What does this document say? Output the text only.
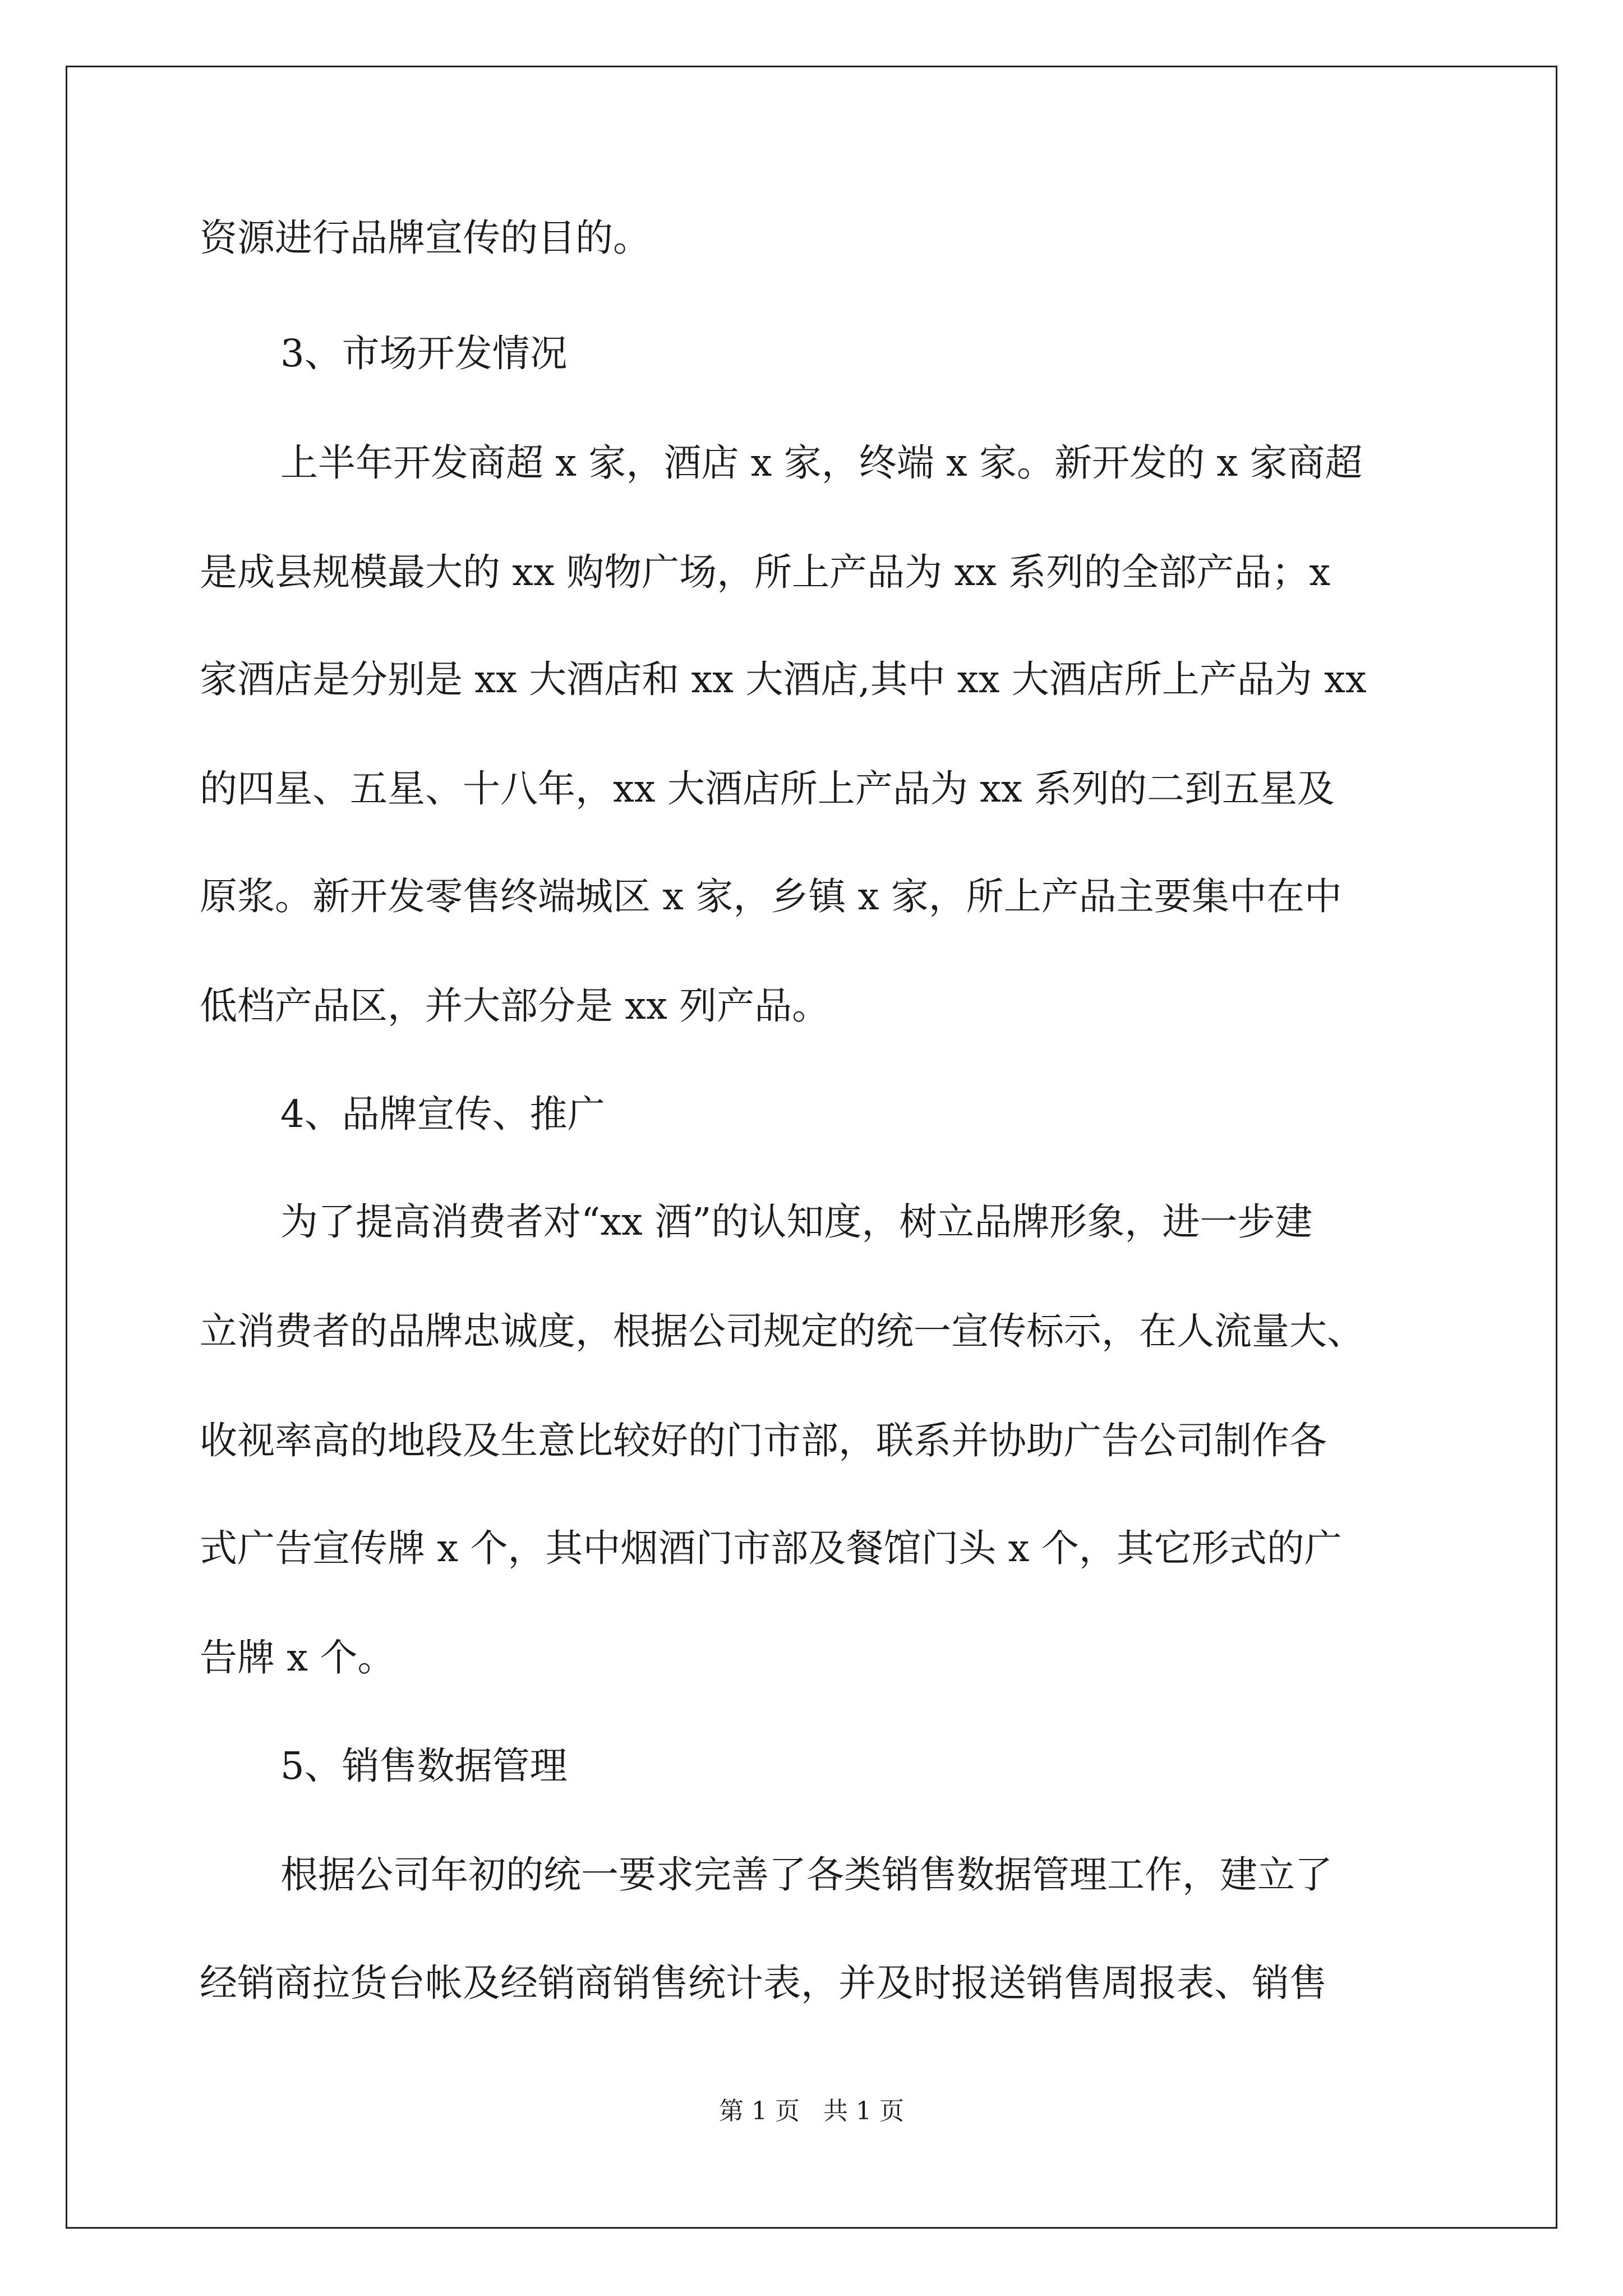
资源进行品牌宣传的目的。
3、市场开发情况
上半年开发商超 x 家，酒店 x 家，终端 x 家。新开发的 x 家商超
是成县规模最大的 xx 购物广场，所上产品为 xx 系列的全部产品；x
家酒店是分别是 xx 大酒店和 xx 大酒店,其中 xx 大酒店所上产品为 xx
的四星、五星、十八年，xx 大酒店所上产品为 xx 系列的二到五星及
原浆。新开发零售终端城区 x 家，乡镇 x 家，所上产品主要集中在中
低档产品区，并大部分是 xx 列产品。
4、品牌宣传、推广
为了提高消费者对“xx 酒”的认知度，树立品牌形象，进一步建
立消费者的品牌忠诚度，根据公司规定的统一宣传标示，在人流量大、
收视率高的地段及生意比较好的门市部，联系并协助广告公司制作各
式广告宣传牌 x 个，其中烟酒门市部及餐馆门头 x 个，其它形式的广
告牌 x 个。
5、销售数据管理
根据公司年初的统一要求完善了各类销售数据管理工作，建立了
经销商拉货台帐及经销商销售统计表，并及时报送销售周报表、销售
第 1 页   共 1 页
